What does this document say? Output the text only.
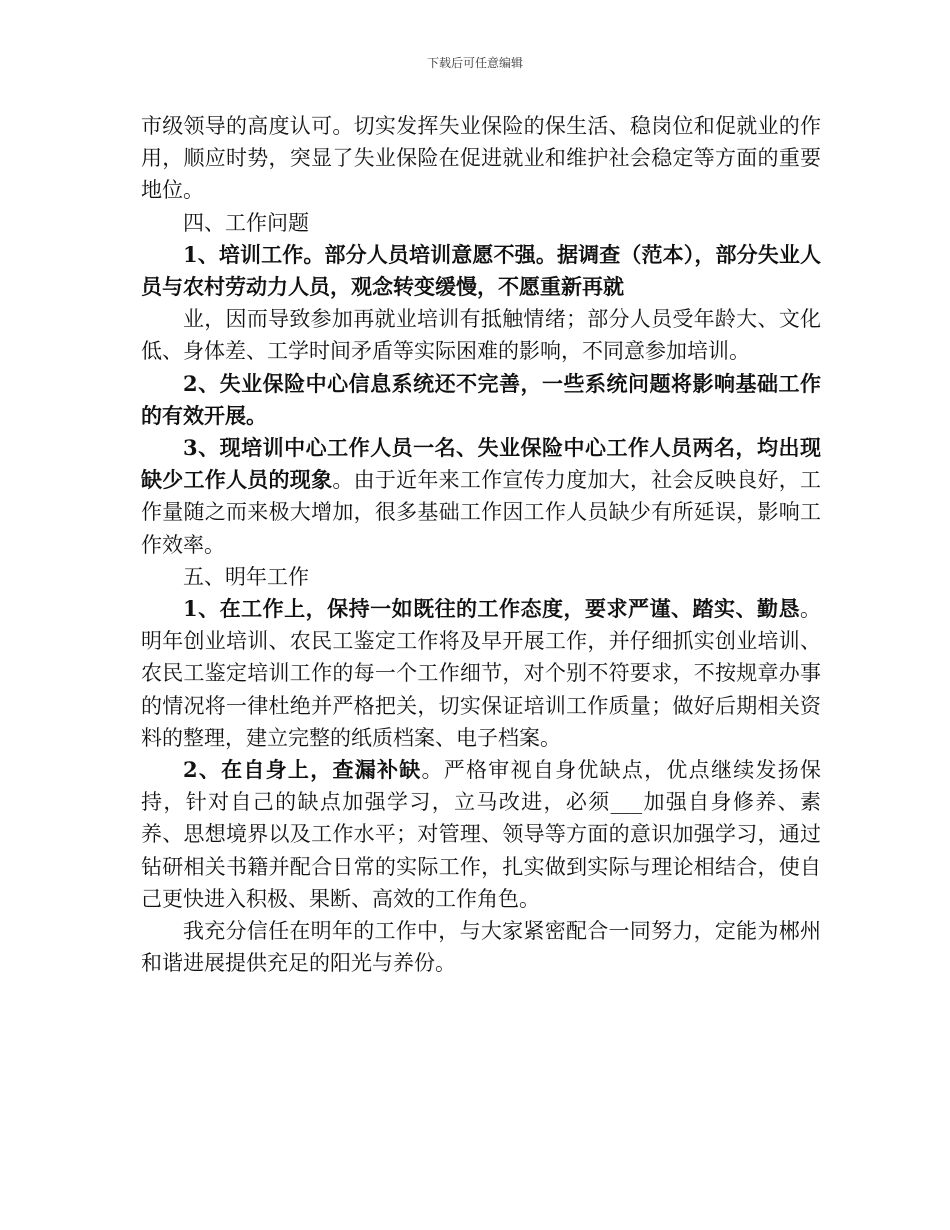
下载后可任意编辑

市级领导的高度认可。切实发挥失业保险的保生活、稳岗位和促就业的作用，顺应时势，突显了失业保险在促进就业和维护社会稳定等方面的重要地位。

四、工作问题

1、培训工作。部分人员培训意愿不强。据调查（范本），部分失业人员与农村劳动力人员，观念转变缓慢，不愿重新再就

业，因而导致参加再就业培训有抵触情绪；部分人员受年龄大、文化低、身体差、工学时间矛盾等实际困难的影响，不同意参加培训。

2、失业保险中心信息系统还不完善，一些系统问题将影响基础工作的有效开展。

3、现培训中心工作人员一名、失业保险中心工作人员两名，均出现缺少工作人员的现象。由于近年来工作宣传力度加大，社会反映良好，工作量随之而来极大增加，很多基础工作因工作人员缺少有所延误，影响工作效率。

五、明年工作

1、在工作上，保持一如既往的工作态度，要求严谨、踏实、勤恳。明年创业培训、农民工鉴定工作将及早开展工作，并仔细抓实创业培训、农民工鉴定培训工作的每一个工作细节，对个别不符要求，不按规章办事的情况将一律杜绝并严格把关，切实保证培训工作质量；做好后期相关资料的整理，建立完整的纸质档案、电子档案。

2、在自身上，查漏补缺。严格审视自身优缺点，优点继续发扬保持，针对自己的缺点加强学习，立马改进，必须___加强自身修养、素养、思想境界以及工作水平；对管理、领导等方面的意识加强学习，通过钻研相关书籍并配合日常的实际工作，扎实做到实际与理论相结合，使自己更快进入积极、果断、高效的工作角色。

我充分信任在明年的工作中，与大家紧密配合一同努力，定能为郴州和谐进展提供充足的阳光与养份。
